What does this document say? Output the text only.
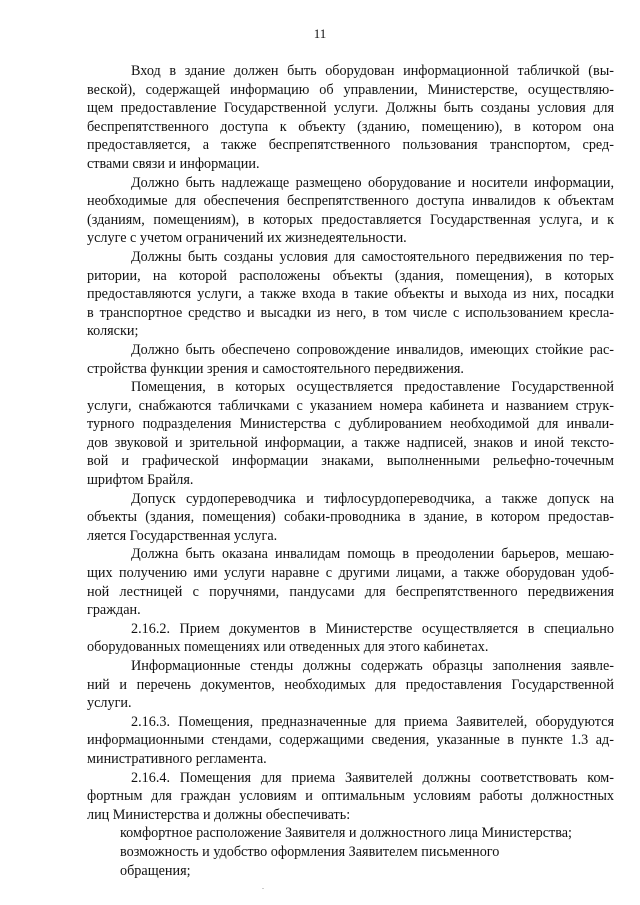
11
Вход в здание должен быть оборудован информационной табличкой (вы-
веской), содержащей информацию об управлении, Министерстве, осуществляю-
щем предоставление Государственной услуги. Должны быть созданы условия для
беспрепятственного доступа к объекту (зданию, помещению), в котором она
предоставляется, а также беспрепятственного пользования транспортом, сред-
ствами связи и информации.
Должно быть надлежаще размещено оборудование и носители информации,
необходимые для обеспечения беспрепятственного доступа инвалидов к объектам
(зданиям, помещениям), в которых предоставляется Государственная услуга, и к
услуге с учетом ограничений их жизнедеятельности.
Должны быть созданы условия для самостоятельного передвижения по тер-
ритории, на которой расположены объекты (здания, помещения), в которых
предоставляются услуги, а также входа в такие объекты и выхода из них, посадки
в транспортное средство и высадки из него, в том числе с использованием кресла-
коляски;
Должно быть обеспечено сопровождение инвалидов, имеющих стойкие рас-
стройства функции зрения и самостоятельного передвижения.
Помещения, в которых осуществляется предоставление Государственной
услуги, снабжаются табличками с указанием номера кабинета и названием струк-
турного подразделения Министерства с дублированием необходимой для инвали-
дов звуковой и зрительной информации, а также надписей, знаков и иной тексто-
вой и графической информации знаками, выполненными рельефно-точечным
шрифтом Брайля.
Допуск сурдопереводчика и тифлосурдопереводчика, а также допуск на
объекты (здания, помещения) собаки-проводника в здание, в котором предостав-
ляется Государственная услуга.
Должна быть оказана инвалидам помощь в преодолении барьеров, мешаю-
щих получению ими услуги наравне с другими лицами, а также оборудован удоб-
ной лестницей с поручнями, пандусами для беспрепятственного передвижения
граждан.
2.16.2. Прием документов в Министерстве осуществляется в специально
оборудованных помещениях или отведенных для этого кабинетах.
Информационные стенды должны содержать образцы заполнения заявле-
ний и перечень документов, необходимых для предоставления Государственной
услуги.
2.16.3. Помещения, предназначенные для приема Заявителей, оборудуются
информационными стендами, содержащими сведения, указанные в пункте 1.3 ад-
министративного регламента.
2.16.4. Помещения для приема Заявителей должны соответствовать ком-
фортным для граждан условиям и оптимальным условиям работы должностных
лиц Министерства и должны обеспечивать:
комфортное расположение Заявителя и должностного лица Министерства;
возможность и удобство оформления Заявителем письменного
обращения;
